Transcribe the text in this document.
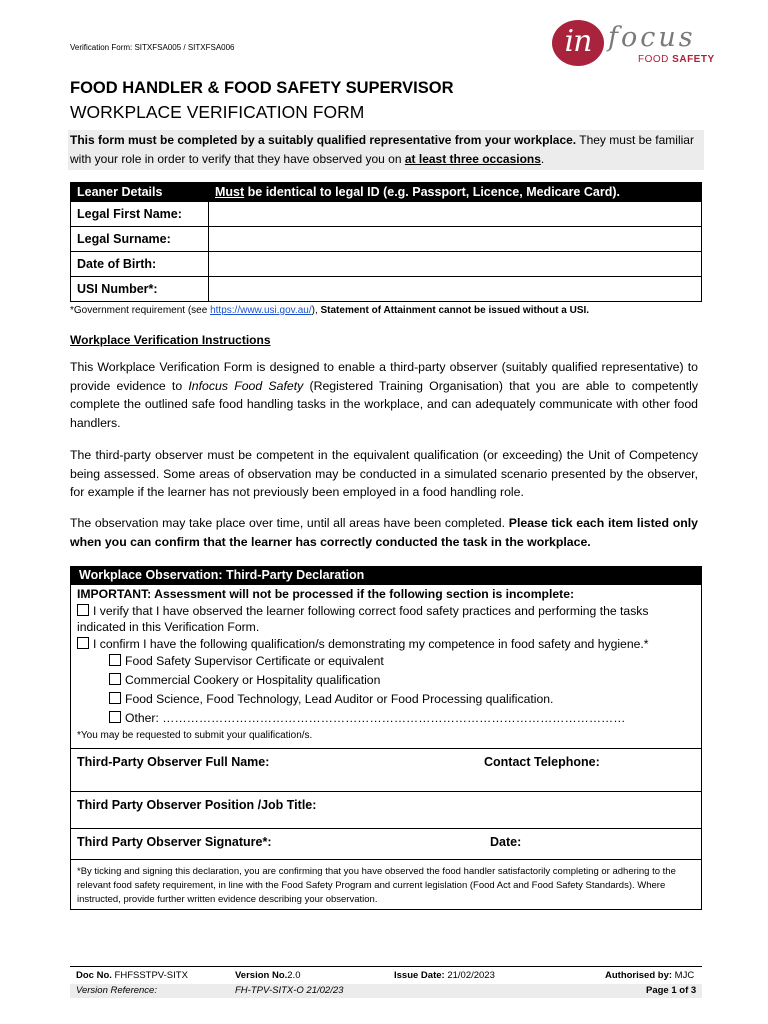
Verification Form: SITXFSA005 / SITXFSA006	in focus
FOOD SAFETY
FOOD HANDLER & FOOD SAFETY SUPERVISOR
WORKPLACE VERIFICATION FORM
This form must be completed by a suitably qualified representative from your workplace. They must be familiar with your role in order to verify that they have observed you on at least three occasions.
Leaner Details	Must be identical to legal ID (e.g. Passport, Licence, Medicare Card).
Legal First Name:	
Legal Surname:	
Date of Birth:	
USI Number*:	
*Government requirement (see https://www.usi.gov.au/), Statement of Attainment cannot be issued without a USI.
Workplace Verification Instructions
This Workplace Verification Form is designed to enable a third-party observer (suitably qualified representative) to provide evidence to Infocus Food Safety (Registered Training Organisation) that you are able to competently complete the outlined safe food handling tasks in the workplace, and can adequately communicate with other food handlers.
The third-party observer must be competent in the equivalent qualification (or exceeding) the Unit of Competency being assessed. Some areas of observation may be conducted in a simulated scenario presented by the observer, for example if the learner has not previously been employed in a food handling role.
The observation may take place over time, until all areas have been completed. Please tick each item listed only when you can confirm that the learner has correctly conducted the task in the workplace.
Workplace Observation: Third-Party Declaration
IMPORTANT: Assessment will not be processed if the following section is incomplete:
I verify that I have observed the learner following correct food safety practices and performing the tasks indicated in this Verification Form.
I confirm I have the following qualification/s demonstrating my competence in food safety and hygiene.*
Food Safety Supervisor Certificate or equivalent
Commercial Cookery or Hospitality qualification
Food Science, Food Technology, Lead Auditor or Food Processing qualification.
Other: ……………………………………………………………………………………………………
*You may be requested to submit your qualification/s.
Third-Party Observer Full Name:	Contact Telephone:
Third Party Observer Position /Job Title:
Third Party Observer Signature*:	Date:
*By ticking and signing this declaration, you are confirming that you have observed the food handler satisfactorily completing or adhering to the relevant food safety requirement, in line with the Food Safety Program and current legislation (Food Act and Food Safety Standards). Where instructed, provide further written evidence describing your observation.
Doc No. FHFSSTPV-SITX	Version No.2.0	Issue Date: 21/02/2023	Authorised by: MJC
Version Reference:	FH-TPV-SITX-O 21/02/23	Page 1 of 3
